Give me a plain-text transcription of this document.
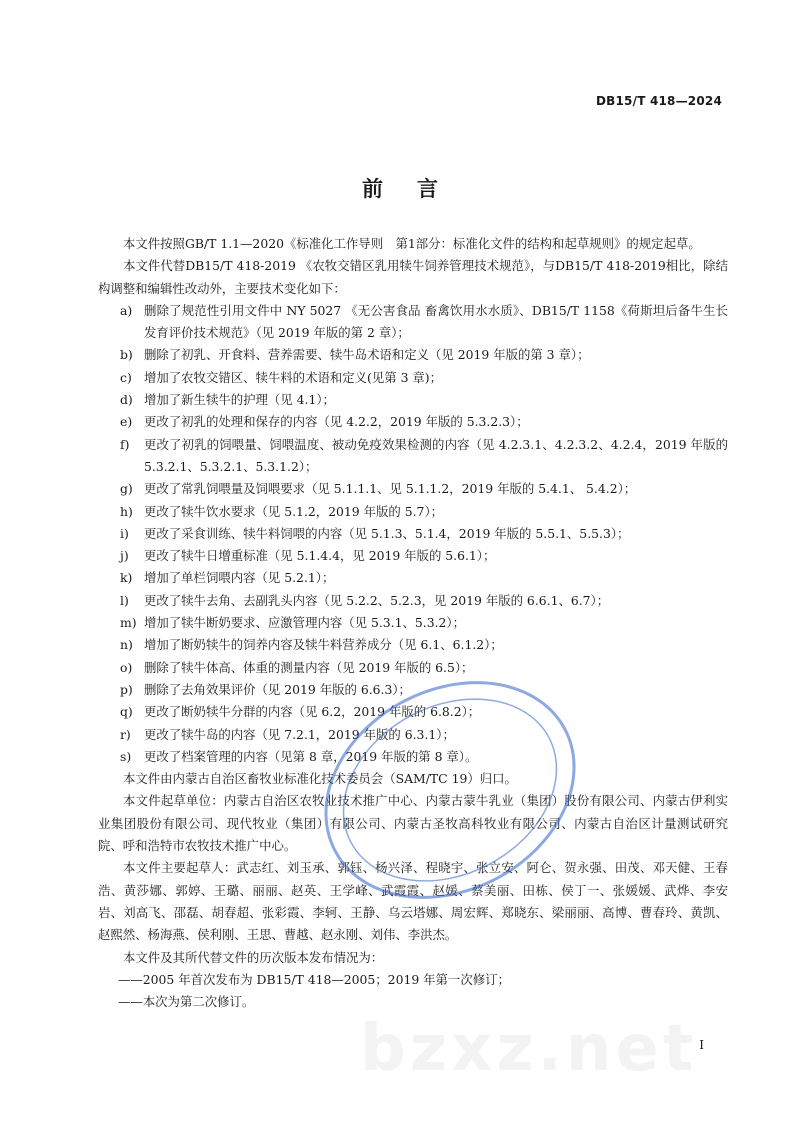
DB15/T 418—2024
前言

本文件按照GB/T 1.1—2020《标准化工作导则　第1部分：标准化文件的结构和起草规则》的规定起草。

本文件代替DB15/T 418-2019 《农牧交错区乳用犊牛饲养管理技术规范》，与DB15/T 418-2019相比，除结构调整和编辑性改动外，主要技术变化如下：

a) 删除了规范性引用文件中 NY 5027 《无公害食品 畜禽饮用水水质》、DB15/T 1158《荷斯坦后备牛生长发育评价技术规范》（见 2019 年版的第 2 章）；
b) 删除了初乳、开食料、营养需要、犊牛岛术语和定义（见 2019 年版的第 3 章）；
c) 增加了农牧交错区、犊牛料的术语和定义(见第 3 章)；
d) 增加了新生犊牛的护理（见 4.1）；
e) 更改了初乳的处理和保存的内容（见 4.2.2，2019 年版的 5.3.2.3）；
f)	更改了初乳的饲喂量、饲喂温度、被动免疫效果检测的内容（见 4.2.3.1、4.2.3.2、4.2.4，2019 年版的 5.3.2.1、5.3.2.1、5.3.1.2）；
g) 更改了常乳饲喂量及饲喂要求（见 5.1.1.1、见 5.1.1.2，2019 年版的 5.4.1、 5.4.2）；
h) 更改了犊牛饮水要求（见 5.1.2，2019 年版的 5.7）；
i)	更改了采食训练、犊牛料饲喂的内容（见 5.1.3、5.1.4，2019 年版的 5.5.1、5.5.3）；
j)	更改了犊牛日增重标准（见 5.1.4.4，见 2019 年版的 5.6.1）；
k) 增加了单栏饲喂内容（见 5.2.1）；
l)	更改了犊牛去角、去副乳头内容（见 5.2.2、5.2.3，见 2019 年版的 6.6.1、6.7）；
m) 增加了犊牛断奶要求、应激管理内容（见 5.3.1、5.3.2）；
n) 增加了断奶犊牛的饲养内容及犊牛料营养成分（见 6.1、6.1.2）；
o) 删除了犊牛体高、体重的测量内容（见 2019 年版的 6.5）；
p) 删除了去角效果评价（见 2019 年版的 6.6.3）；
q) 更改了断奶犊牛分群的内容（见 6.2，2019 年版的 6.8.2）；
r)	更改了犊牛岛的内容（见 7.2.1，2019 年版的 6.3.1）；
s)	更改了档案管理的内容（见第 8 章，2019 年版的第 8 章）。

本文件由内蒙古自治区畜牧业标准化技术委员会（SAM/TC 19）归口。

本文件起草单位：内蒙古自治区农牧业技术推广中心、内蒙古蒙牛乳业（集团）股份有限公司、内蒙古伊利实业集团股份有限公司、现代牧业（集团）有限公司、内蒙古圣牧高科牧业有限公司、内蒙古自治区计量测试研究院、呼和浩特市农牧技术推广中心。

本文件主要起草人：武志红、刘玉承、郭钰、杨兴泽、程晓宇、张立安、阿仑、贺永强、田茂、邓天健、王春浩、黄莎娜、郭婷、王璐、丽丽、赵英、王学峰、武霞霞、赵媛、蔡美丽、田栋、侯丁一、张媛媛、武烨、李安岩、刘高飞、邵磊、胡春超、张彩霞、李轲、王静、乌云塔娜、周宏辉、郑晓东、梁丽丽、高博、曹春玲、黄凯、赵熙然、杨海燕、侯利刚、王思、曹越、赵永刚、刘伟、李洪杰。

本文件及其所代替文件的历次版本发布情况为：

——2005 年首次发布为 DB15/T 418—2005；2019 年第一次修订；

——本次为第二次修订。

bzxz.net I
